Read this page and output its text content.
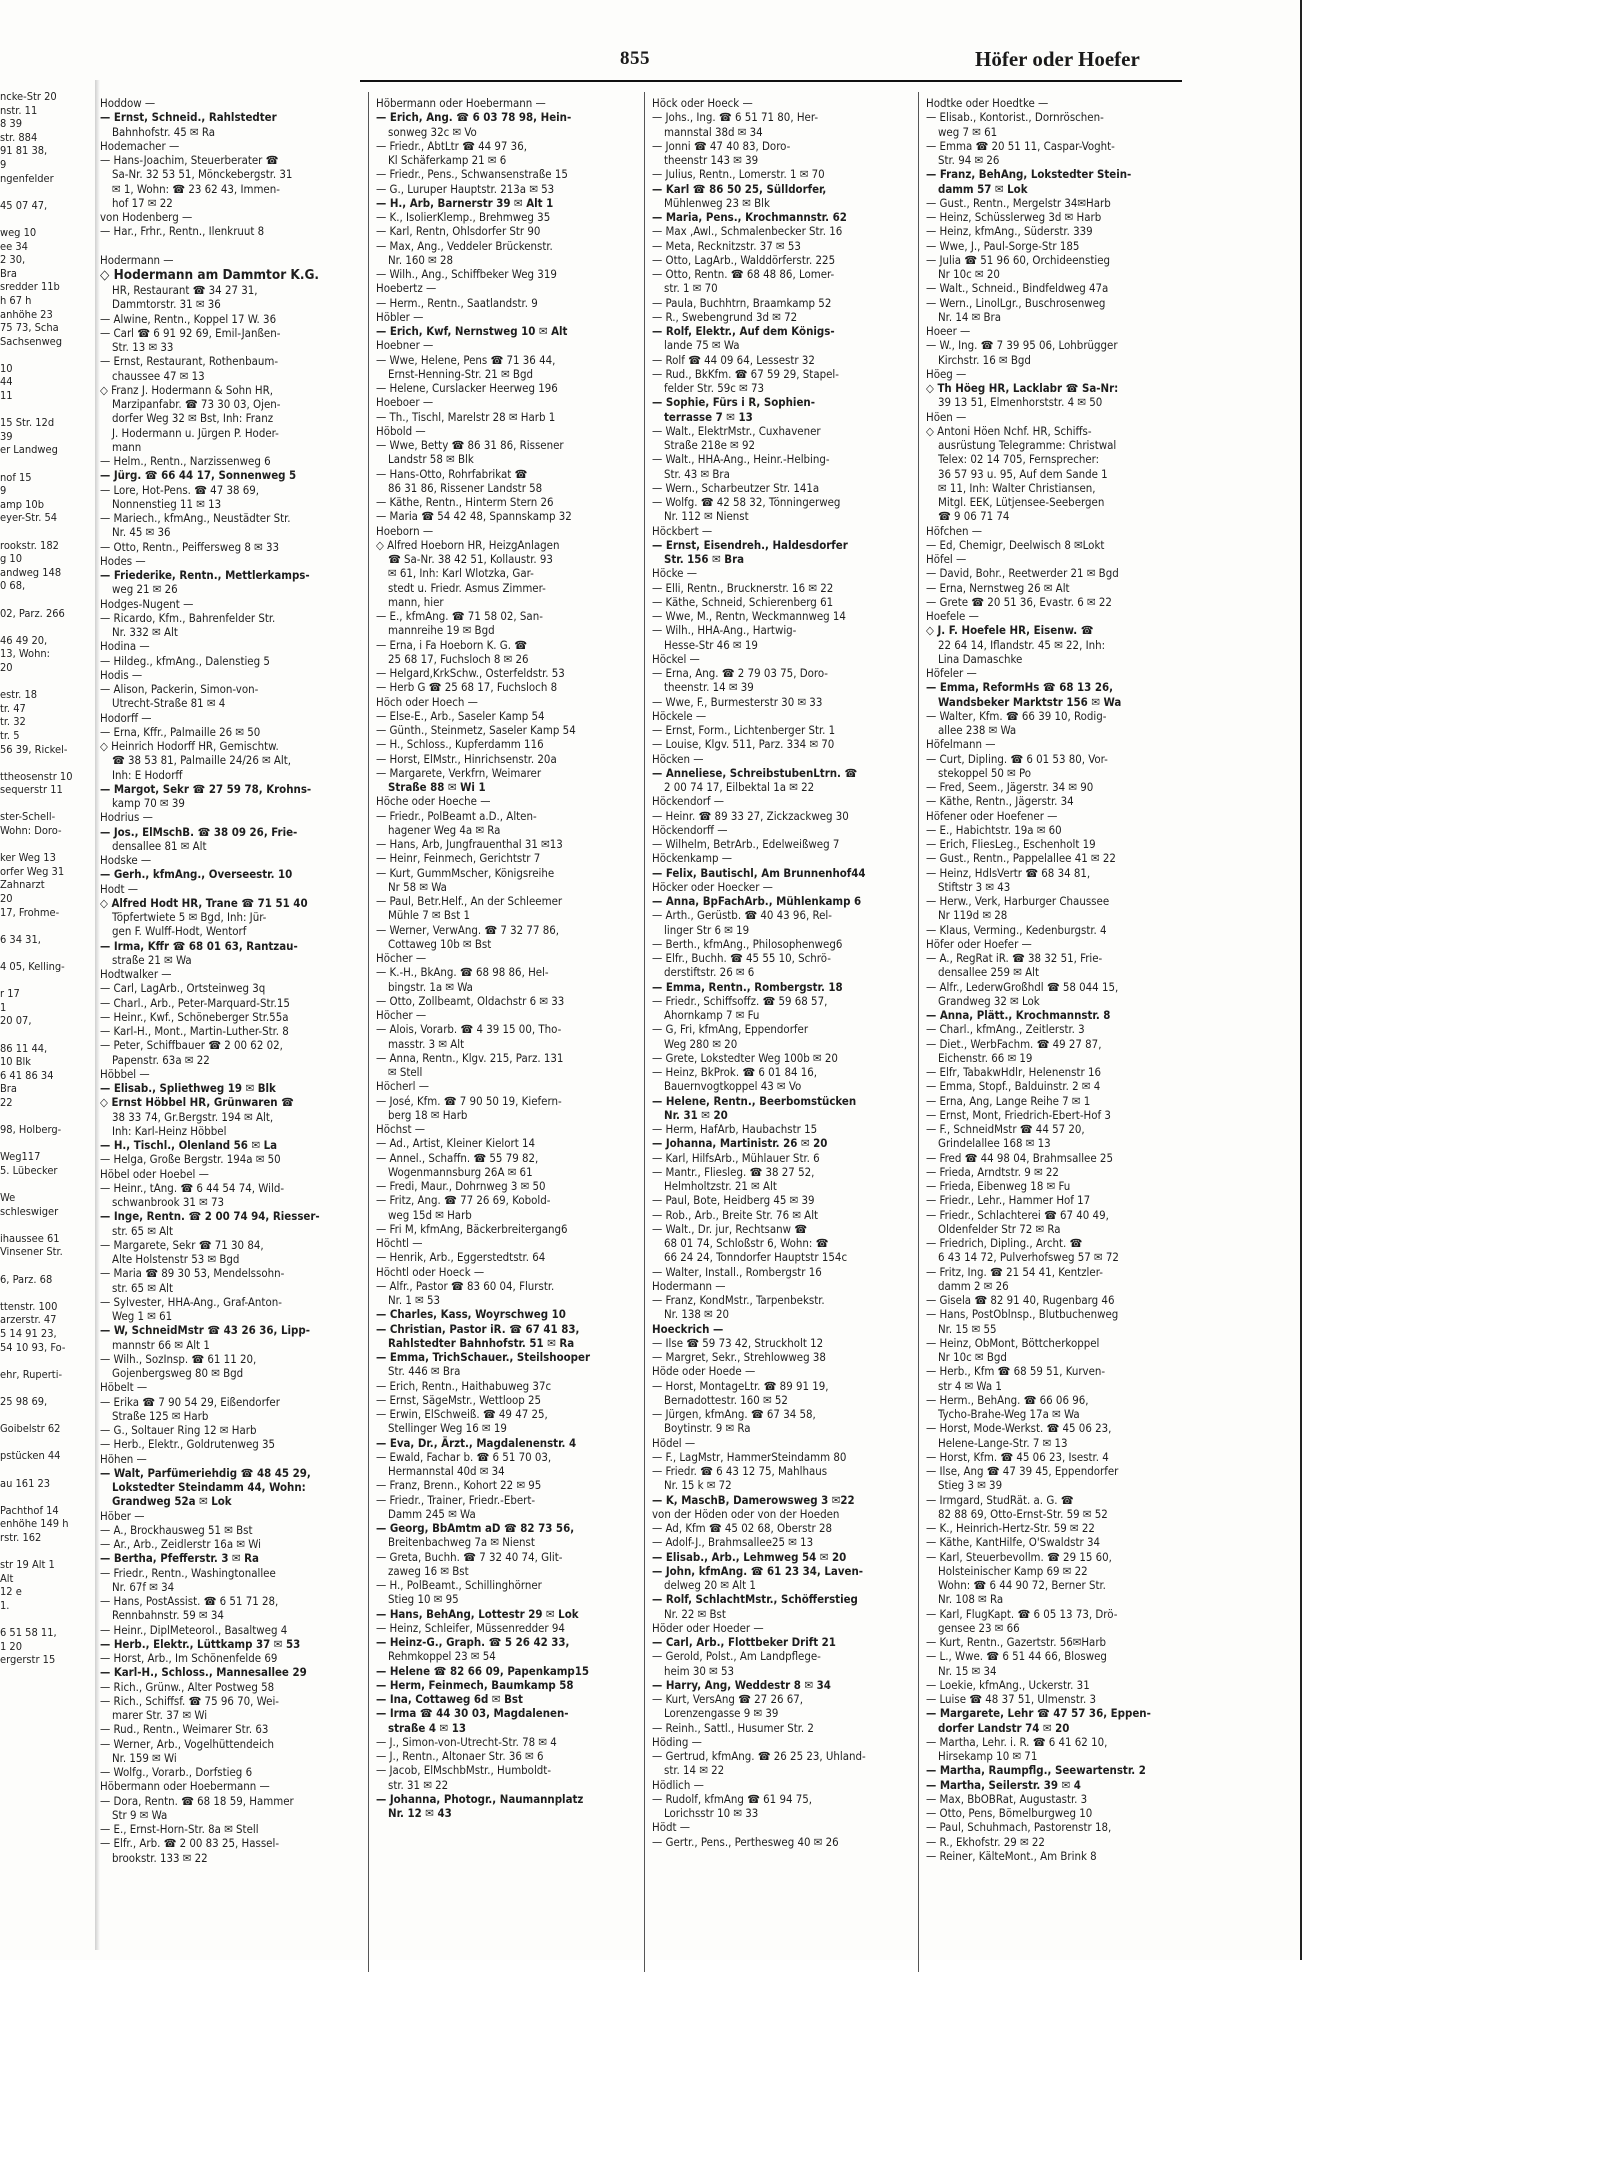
ncke-Str 20
nstr. 11
8 39
str. 884
91 81 38,
9
ngenfelder

45 07 47,

weg 10
ee 34
2 30,
Bra
sredder 11b
h 67 h
anhöhe 23
75 73, Scha
Sachsenweg

10
44
11

15 Str. 12d
39
er Landweg

nof 15
9
amp 10b
eyer-Str. 54

rookstr. 182
g 10
andweg 148
0 68,

02, Parz. 266

46 49 20,
13, Wohn:
20

estr. 18
tr. 47
tr. 32
tr. 5
56 39, Rickel-

ttheosenstr 10
sequerstr 11

ster-Schell-
Wohn: Doro-

ker Weg 13
orfer Weg 31
Zahnarzt
20
17, Frohme-

6 34 31,

4 05, Kelling-

r 17
1
20 07,

86 11 44,
10 Blk
6 41 86 34
Bra
22

98, Holberg-

Weg117
5. Lübecker

We
schleswiger

ihaussee 61
Vinsener Str.

6, Parz. 68

ttenstr. 100
arzerstr. 47
5 14 91 23,
54 10 93, Fo-

ehr, Ruperti-

25 98 69,

Goibelstr 62

pstücken 44

au 161 23

Pachthof 14
enhöhe 149 h
rstr. 162

str 19 Alt 1
Alt
12 e
1.

6 51 58 11,
1 20
ergerstr 15
855	Höfer oder Hoefer
Hoddow —
— Ernst, Schneid., Rahlstedter
Bahnhofstr. 45 ✉ Ra
Hodemacher —
— Hans-Joachim, Steuerberater ☎
Sa-Nr. 32 53 51, Mönckebergstr. 31
✉ 1, Wohn: ☎ 23 62 43, Immen-
hof 17 ✉ 22
von Hodenberg —
— Har., Frhr., Rentn., Ilenkruut 8

Hodermann —
◇ Hodermann am Dammtor K.G.
HR, Restaurant ☎ 34 27 31,
Dammtorstr. 31 ✉ 36
— Alwine, Rentn., Koppel 17 W. 36
— Carl ☎ 6 91 92 69, Emil-Janßen-
Str. 13 ✉ 33
— Ernst, Restaurant, Rothenbaum-
chaussee 47 ✉ 13
◇ Franz J. Hodermann & Sohn HR,
Marzipanfabr. ☎ 73 30 03, Ojen-
dorfer Weg 32 ✉ Bst, Inh: Franz
J. Hodermann u. Jürgen P. Hoder-
mann
— Helm., Rentn., Narzissenweg 6
— Jürg. ☎ 66 44 17, Sonnenweg 5
— Lore, Hot-Pens. ☎ 47 38 69,
Nonnenstieg 11 ✉ 13
— Mariech., kfmAng., Neustädter Str.
Nr. 45 ✉ 36
— Otto, Rentn., Peiffersweg 8 ✉ 33
Hodes —
— Friederike, Rentn., Mettlerkamps-
weg 21 ✉ 26
Hodges-Nugent —
— Ricardo, Kfm., Bahrenfelder Str.
Nr. 332 ✉ Alt
Hodina —
— Hildeg., kfmAng., Dalenstieg 5
Hodis —
— Alison, Packerin, Simon-von-
Utrecht-Straße 81 ✉ 4
Hodorff —
— Erna, Kffr., Palmaille 26 ✉ 50
◇ Heinrich Hodorff HR, Gemischtw.
☎ 38 53 81, Palmaille 24/26 ✉ Alt,
Inh: E Hodorff
— Margot, Sekr ☎ 27 59 78, Krohns-
kamp 70 ✉ 39
Hodrius —
— Jos., ElMschB. ☎ 38 09 26, Frie-
densallee 81 ✉ Alt
Hodske —
— Gerh., kfmAng., Overseestr. 10
Hodt —
◇ Alfred Hodt HR, Trane ☎ 71 51 40
Töpfertwiete 5 ✉ Bgd, Inh: Jür-
gen F. Wulff-Hodt, Wentorf
— Irma, Kffr ☎ 68 01 63, Rantzau-
straße 21 ✉ Wa
Hodtwalker —
— Carl, LagArb., Ortsteinweg 3q
— Charl., Arb., Peter-Marquard-Str.15
— Heinr., Kwf., Schöneberger Str.55a
— Karl-H., Mont., Martin-Luther-Str. 8
— Peter, Schiffbauer ☎ 2 00 62 02,
Papenstr. 63a ✉ 22
Höbbel —
— Elisab., Spliethweg 19 ✉ Blk
◇ Ernst Höbbel HR, Grünwaren ☎
38 33 74, Gr.Bergstr. 194 ✉ Alt,
Inh: Karl-Heinz Höbbel
— H., Tischl., Olenland 56 ✉ La
— Helga, Große Bergstr. 194a ✉ 50
Höbel oder Hoebel —
— Heinr., tAng. ☎ 6 44 54 74, Wild-
schwanbrook 31 ✉ 73
— Inge, Rentn. ☎ 2 00 74 94, Riesser-
str. 65 ✉ Alt
— Margarete, Sekr ☎ 71 30 84,
Alte Holstenstr 53 ✉ Bgd
— Maria ☎ 89 30 53, Mendelssohn-
str. 65 ✉ Alt
— Sylvester, HHA-Ang., Graf-Anton-
Weg 1 ✉ 61
— W, SchneidMstr ☎ 43 26 36, Lipp-
mannstr 66 ✉ Alt 1
— Wilh., SozInsp. ☎ 61 11 20,
Gojenbergsweg 80 ✉ Bgd
Höbelt —
— Erika ☎ 7 90 54 29, Eißendorfer
Straße 125 ✉ Harb
— G., Soltauer Ring 12 ✉ Harb
— Herb., Elektr., Goldrutenweg 35
Höhen —
— Walt, Parfümeriehdig ☎ 48 45 29,
Lokstedter Steindamm 44, Wohn:
Grandweg 52a ✉ Lok
Höber —
— A., Brockhausweg 51 ✉ Bst
— Ar., Arb., Zeidlerstr 16a ✉ Wi
— Bertha, Pfefferstr. 3 ✉ Ra
— Friedr., Rentn., Washingtonallee
Nr. 67f ✉ 34
— Hans, PostAssist. ☎ 6 51 71 28,
Rennbahnstr. 59 ✉ 34
— Heinr., DiplMeteorol., Basaltweg 4
— Herb., Elektr., Lüttkamp 37 ✉ 53
— Horst, Arb., Im Schönenfelde 69
— Karl-H., Schloss., Mannesallee 29
— Rich., Grünw., Alter Postweg 58
— Rich., Schiffsf. ☎ 75 96 70, Wei-
marer Str. 37 ✉ Wi
— Rud., Rentn., Weimarer Str. 63
— Werner, Arb., Vogelhüttendeich
Nr. 159 ✉ Wi
— Wolfg., Vorarb., Dorfstieg 6
Höbermann oder Hoebermann —
— Dora, Rentn. ☎ 68 18 59, Hammer
Str 9 ✉ Wa
— E., Ernst-Horn-Str. 8a ✉ Stell
— Elfr., Arb. ☎ 2 00 83 25, Hassel-
brookstr. 133 ✉ 22
Höbermann oder Hoebermann —
— Erich, Ang. ☎ 6 03 78 98, Hein-
sonweg 32c ✉ Vo
— Friedr., AbtLtr ☎ 44 97 36,
Kl Schäferkamp 21 ✉ 6
— Friedr., Pens., Schwansenstraße 15
— G., Luruper Hauptstr. 213a ✉ 53
— H., Arb, Barnerstr 39 ✉ Alt 1
— K., IsolierKlemp., Brehmweg 35
— Karl, Rentn, Ohlsdorfer Str 90
— Max, Ang., Veddeler Brückenstr.
Nr. 160 ✉ 28
— Wilh., Ang., Schiffbeker Weg 319
Hoebertz —
— Herm., Rentn., Saatlandstr. 9
Höbler —
— Erich, Kwf, Nernstweg 10 ✉ Alt
Hoebner —
— Wwe, Helene, Pens ☎ 71 36 44,
Ernst-Henning-Str. 21 ✉ Bgd
— Helene, Curslacker Heerweg 196
Hoeboer —
— Th., Tischl, Marelstr 28 ✉ Harb 1
Höbold —
— Wwe, Betty ☎ 86 31 86, Rissener
Landstr 58 ✉ Blk
— Hans-Otto, Rohrfabrikat ☎
86 31 86, Rissener Landstr 58
— Käthe, Rentn., Hinterm Stern 26
— Maria ☎ 54 42 48, Spannskamp 32
Hoeborn —
◇ Alfred Hoeborn HR, HeizgAnlagen
☎ Sa-Nr. 38 42 51, Kollaustr. 93
✉ 61, Inh: Karl Wlotzka, Gar-
stedt u. Friedr. Asmus Zimmer-
mann, hier
— E., kfmAng. ☎ 71 58 02, San-
mannreihe 19 ✉ Bgd
— Erna, i Fa Hoeborn K. G. ☎
25 68 17, Fuchsloch 8 ✉ 26
— Helgard,KrkSchw., Osterfeldstr. 53
— Herb G ☎ 25 68 17, Fuchsloch 8
Höch oder Hoech —
— Else-E., Arb., Saseler Kamp 54
— Günth., Steinmetz, Saseler Kamp 54
— H., Schloss., Kupferdamm 116
— Horst, ElMstr., Hinrichsenstr. 20a
— Margarete, Verkfrn, Weimarer
Straße 88 ✉ Wi 1
Höche oder Hoeche —
— Friedr., PolBeamt a.D., Alten-
hagener Weg 4a ✉ Ra
— Hans, Arb, Jungfrauenthal 31 ✉13
— Heinr, Feinmech, Gerichtstr 7
— Kurt, GummMscher, Königsreihe
Nr 58 ✉ Wa
— Paul, Betr.Helf., An der Schleemer
Mühle 7 ✉ Bst 1
— Werner, VerwAng. ☎ 7 32 77 86,
Cottaweg 10b ✉ Bst
Höcher —
— K.-H., BkAng. ☎ 68 98 86, Hel-
bingstr. 1a ✉ Wa
— Otto, Zollbeamt, Oldachstr 6 ✉ 33
Höcher —
— Alois, Vorarb. ☎ 4 39 15 00, Tho-
masstr. 3 ✉ Alt
— Anna, Rentn., Klgv. 215, Parz. 131
✉ Stell
Höcherl —
— José, Kfm. ☎ 7 90 50 19, Kiefern-
berg 18 ✉ Harb
Höchst —
— Ad., Artist, Kleiner Kielort 14
— Annel., Schaffn. ☎ 55 79 82,
Wogenmannsburg 26A ✉ 61
— Fredi, Maur., Dohrnweg 3 ✉ 50
— Fritz, Ang. ☎ 77 26 69, Kobold-
weg 15d ✉ Harb
— Fri M, kfmAng, Bäckerbreitergang6
Höchtl —
— Henrik, Arb., Eggerstedtstr. 64
Höchtl oder Hoeck —
— Alfr., Pastor ☎ 83 60 04, Flurstr.
Nr. 1 ✉ 53
— Charles, Kass, Woyrschweg 10
— Christian, Pastor iR. ☎ 67 41 83,
Rahlstedter Bahnhofstr. 51 ✉ Ra
— Emma, TrichSchauer., Steilshooper
Str. 446 ✉ Bra
— Erich, Rentn., Haithabuweg 37c
— Ernst, SägeMstr., Wettloop 25
— Erwin, ElSchweiß. ☎ 49 47 25,
Stellinger Weg 16 ✉ 19
— Eva, Dr., Ärzt., Magdalenenstr. 4
— Ewald, Fachar b. ☎ 6 51 70 03,
Hermannstal 40d ✉ 34
— Franz, Brenn., Kohort 22 ✉ 95
— Friedr., Trainer, Friedr.-Ebert-
Damm 245 ✉ Wa
— Georg, BbAmtm aD ☎ 82 73 56,
Breitenbachweg 7a ✉ Nienst
— Greta, Buchh. ☎ 7 32 40 74, Glit-
zaweg 16 ✉ Bst
— H., PolBeamt., Schillinghörner
Stieg 10 ✉ 95
— Hans, BehAng, Lottestr 29 ✉ Lok
— Heinz, Schleifer, Müssenredder 94
— Heinz-G., Graph. ☎ 5 26 42 33,
Rehmkoppel 23 ✉ 54
— Helene ☎ 82 66 09, Papenkamp15
— Herm, Feinmech, Baumkamp 58
— Ina, Cottaweg 6d ✉ Bst
— Irma ☎ 44 30 03, Magdalenen-
straße 4 ✉ 13
— J., Simon-von-Utrecht-Str. 78 ✉ 4
— J., Rentn., Altonaer Str. 36 ✉ 6
— Jacob, ElMschbMstr., Humboldt-
str. 31 ✉ 22
— Johanna, Photogr., Naumannplatz
Nr. 12 ✉ 43
Höck oder Hoeck —
— Johs., Ing. ☎ 6 51 71 80, Her-
mannstal 38d ✉ 34
— Jonni ☎ 47 40 83, Doro-
theenstr 143 ✉ 39
— Julius, Rentn., Lomerstr. 1 ✉ 70
— Karl ☎ 86 50 25, Sülldorfer,
Mühlenweg 23 ✉ Blk
— Maria, Pens., Krochmannstr. 62
— Max ,Awl., Schmalenbecker Str. 16
— Meta, Recknitzstr. 37 ✉ 53
— Otto, LagArb., Walddörferstr. 225
— Otto, Rentn. ☎ 68 48 86, Lomer-
str. 1 ✉ 70
— Paula, Buchhtrn, Braamkamp 52
— R., Swebengrund 3d ✉ 72
— Rolf, Elektr., Auf dem Königs-
lande 75 ✉ Wa
— Rolf ☎ 44 09 64, Lessestr 32
— Rud., BkKfm. ☎ 67 59 29, Stapel-
felder Str. 59c ✉ 73
— Sophie, Fürs i R, Sophien-
terrasse 7 ✉ 13
— Walt., ElektrMstr., Cuxhavener
Straße 218e ✉ 92
— Walt., HHA-Ang., Heinr.-Helbing-
Str. 43 ✉ Bra
— Wern., Scharbeutzer Str. 141a
— Wolfg. ☎ 42 58 32, Tönningerweg
Nr. 112 ✉ Nienst
Höckbert —
— Ernst, Eisendreh., Haldesdorfer
Str. 156 ✉ Bra
Höcke —
— Elli, Rentn., Brucknerstr. 16 ✉ 22
— Käthe, Schneid, Schierenberg 61
— Wwe, M., Rentn, Weckmannweg 14
— Wilh., HHA-Ang., Hartwig-
Hesse-Str 46 ✉ 19
Höckel —
— Erna, Ang. ☎ 2 79 03 75, Doro-
theenstr. 14 ✉ 39
— Wwe, F., Burmesterstr 30 ✉ 33
Höckele —
— Ernst, Form., Lichtenberger Str. 1
— Louise, Klgv. 511, Parz. 334 ✉ 70
Höcken —
— Anneliese, SchreibstubenLtrn. ☎
2 00 74 17, Eilbektal 1a ✉ 22
Höckendorf —
— Heinr. ☎ 89 33 27, Zickzackweg 30
Höckendorff —
— Wilhelm, BetrArb., Edelweißweg 7
Höckenkamp —
— Felix, Bautischl, Am Brunnenhof44
Höcker oder Hoecker —
— Anna, BpFachArb., Mühlenkamp 6
— Arth., Gerüstb. ☎ 40 43 96, Rel-
linger Str 6 ✉ 19
— Berth., kfmAng., Philosophenweg6
— Elfr., Buchh. ☎ 45 55 10, Schrö-
derstiftstr. 26 ✉ 6
— Emma, Rentn., Rombergstr. 18
— Friedr., Schiffsoffz. ☎ 59 68 57,
Ahornkamp 7 ✉ Fu
— G, Fri, kfmAng, Eppendorfer
Weg 280 ✉ 20
— Grete, Lokstedter Weg 100b ✉ 20
— Heinz, BkProk. ☎ 6 01 84 16,
Bauernvogtkoppel 43 ✉ Vo
— Helene, Rentn., Beerbomstücken
Nr. 31 ✉ 20
— Herm, HafArb, Haubachstr 15
— Johanna, Martinistr. 26 ✉ 20
— Karl, HilfsArb., Mühlauer Str. 6
— Mantr., Fliesleg. ☎ 38 27 52,
Helmholtzstr. 21 ✉ Alt
— Paul, Bote, Heidberg 45 ✉ 39
— Rob., Arb., Breite Str. 76 ✉ Alt
— Walt., Dr. jur, Rechtsanw ☎
68 01 74, Schloßstr 6, Wohn: ☎
66 24 24, Tonndorfer Hauptstr 154c
— Walter, Install., Rombergstr 16
Hodermann —
— Franz, KondMstr., Tarpenbekstr.
Nr. 138 ✉ 20
Hoeckrich —
— Ilse ☎ 59 73 42, Struckholt 12
— Margret, Sekr., Strehlowweg 38
Höde oder Hoede —
— Horst, MontageLtr. ☎ 89 91 19,
Bernadottestr. 160 ✉ 52
— Jürgen, kfmAng. ☎ 67 34 58,
Boytinstr. 9 ✉ Ra
Hödel —
— F., LagMstr, HammerSteindamm 80
— Friedr. ☎ 6 43 12 75, Mahlhaus
Nr. 15 k ✉ 72
— K, MaschB, Damerowsweg 3 ✉22
von der Höden oder von der Hoeden
— Ad, Kfm ☎ 45 02 68, Oberstr 28
— Adolf-J., Brahmsallee25 ✉ 13
— Elisab., Arb., Lehmweg 54 ✉ 20
— John, kfmAng. ☎ 61 23 34, Laven-
delweg 20 ✉ Alt 1
— Rolf, SchlachtMstr., Schöfferstieg
Nr. 22 ✉ Bst
Höder oder Hoeder —
— Carl, Arb., Flottbeker Drift 21
— Gerold, Polst., Am Landpflege-
heim 30 ✉ 53
— Harry, Ang, Weddestr 8 ✉ 34
— Kurt, VersAng ☎ 27 26 67,
Lorenzengasse 9 ✉ 39
— Reinh., Sattl., Husumer Str. 2
Höding —
— Gertrud, kfmAng. ☎ 26 25 23, Uhland-
str. 14 ✉ 22
Hödlich —
— Rudolf, kfmAng ☎ 61 94 75,
Lorichsstr 10 ✉ 33
Hödt —
— Gertr., Pens., Perthesweg 40 ✉ 26
Hodtke oder Hoedtke —
— Elisab., Kontorist., Dornröschen-
weg 7 ✉ 61
— Emma ☎ 20 51 11, Caspar-Voght-
Str. 94 ✉ 26
— Franz, BehAng, Lokstedter Stein-
damm 57 ✉ Lok
— Gust., Rentn., Mergelstr 34✉Harb
— Heinz, Schüsslerweg 3d ✉ Harb
— Heinz, kfmAng., Süderstr. 339
— Wwe, J., Paul-Sorge-Str 185
— Julia ☎ 51 96 60, Orchideenstieg
Nr 10c ✉ 20
— Walt., Schneid., Bindfeldweg 47a
— Wern., LinolLgr., Buschrosenweg
Nr. 14 ✉ Bra
Hoeer —
— W., Ing. ☎ 7 39 95 06, Lohbrügger
Kirchstr. 16 ✉ Bgd
Höeg —
◇ Th Höeg HR, Lacklabr ☎ Sa-Nr:
39 13 51, Elmenhorststr. 4 ✉ 50
Höen —
◇ Antoni Höen Nchf. HR, Schiffs-
ausrüstung Telegramme: Christwal
Telex: 02 14 705, Fernsprecher:
36 57 93 u. 95, Auf dem Sande 1
✉ 11, Inh: Walter Christiansen,
Mitgl. EEK, Lütjensee-Seebergen
☎ 9 06 71 74
Höfchen —
— Ed, Chemigr, Deelwisch 8 ✉Lokt
Höfel —
— David, Bohr., Reetwerder 21 ✉ Bgd
— Erna, Nernstweg 26 ✉ Alt
— Grete ☎ 20 51 36, Evastr. 6 ✉ 22
Hoefele —
◇ J. F. Hoefele HR, Eisenw. ☎
22 64 14, Iflandstr. 45 ✉ 22, Inh:
Lina Damaschke
Höfeler —
— Emma, ReformHs ☎ 68 13 26,
Wandsbeker Marktstr 156 ✉ Wa
— Walter, Kfm. ☎ 66 39 10, Rodig-
allee 238 ✉ Wa
Höfelmann —
— Curt, Dipling. ☎ 6 01 53 80, Vor-
stekoppel 50 ✉ Po
— Fred, Seem., Jägerstr. 34 ✉ 90
— Käthe, Rentn., Jägerstr. 34
Höfener oder Hoefener —
— E., Habichtstr. 19a ✉ 60
— Erich, FliesLeg., Eschenholt 19
— Gust., Rentn., Pappelallee 41 ✉ 22
— Heinz, HdlsVertr ☎ 68 34 81,
Stiftstr 3 ✉ 43
— Herw., Verk, Harburger Chaussee
Nr 119d ✉ 28
— Klaus, Verming., Kedenburgstr. 4
Höfer oder Hoefer —
— A., RegRat iR. ☎ 38 32 51, Frie-
densallee 259 ✉ Alt
— Alfr., LederwGroßhdl ☎ 58 044 15,
Grandweg 32 ✉ Lok
— Anna, Plätt., Krochmannstr. 8
— Charl., kfmAng., Zeitlerstr. 3
— Diet., WerbFachm. ☎ 49 27 87,
Eichenstr. 66 ✉ 19
— Elfr, TabakwHdlr, Helenenstr 16
— Emma, Stopf., Balduinstr. 2 ✉ 4
— Erna, Ang, Lange Reihe 7 ✉ 1
— Ernst, Mont, Friedrich-Ebert-Hof 3
— F., SchneidMstr ☎ 44 57 20,
Grindelallee 168 ✉ 13
— Fred ☎ 44 98 04, Brahmsallee 25
— Frieda, Arndtstr. 9 ✉ 22
— Frieda, Eibenweg 18 ✉ Fu
— Friedr., Lehr., Hammer Hof 17
— Friedr., Schlachterei ☎ 67 40 49,
Oldenfelder Str 72 ✉ Ra
— Friedrich, Dipling., Archt. ☎
6 43 14 72, Pulverhofsweg 57 ✉ 72
— Fritz, Ing. ☎ 21 54 41, Kentzler-
damm 2 ✉ 26
— Gisela ☎ 82 91 40, Rugenbarg 46
— Hans, PostOblnsp., Blutbuchenweg
Nr. 15 ✉ 55
— Heinz, ObMont, Böttcherkoppel
Nr 10c ✉ Bgd
— Herb., Kfm ☎ 68 59 51, Kurven-
str 4 ✉ Wa 1
— Herm., BehAng. ☎ 66 06 96,
Tycho-Brahe-Weg 17a ✉ Wa
— Horst, Mode-Werkst. ☎ 45 06 23,
Helene-Lange-Str. 7 ✉ 13
— Horst, Kfm. ☎ 45 06 23, Isestr. 4
— Ilse, Ang ☎ 47 39 45, Eppendorfer
Stieg 3 ✉ 39
— Irmgard, StudRät. a. G. ☎
82 88 69, Otto-Ernst-Str. 59 ✉ 52
— K., Heinrich-Hertz-Str. 59 ✉ 22
— Käthe, KantHilfe, O'Swaldstr 34
— Karl, Steuerbevollm. ☎ 29 15 60,
Holsteinischer Kamp 69 ✉ 22
Wohn: ☎ 6 44 90 72, Berner Str.
Nr. 108 ✉ Ra
— Karl, FlugKapt. ☎ 6 05 13 73, Drö-
gensee 23 ✉ 66
— Kurt, Rentn., Gazertstr. 56✉Harb
— L., Wwe. ☎ 6 51 44 66, Blosweg
Nr. 15 ✉ 34
— Loekie, kfmAng., Uckerstr. 31
— Luise ☎ 48 37 51, Ulmenstr. 3
— Margarete, Lehr ☎ 47 57 36, Eppen-
dorfer Landstr 74 ✉ 20
— Martha, Lehr. i. R. ☎ 6 41 62 10,
Hirsekamp 10 ✉ 71
— Martha, Raumpflg., Seewartenstr. 2
— Martha, Seilerstr. 39 ✉ 4
— Max, BbOBRat, Augustastr. 3
— Otto, Pens, Bömelburgweg 10
— Paul, Schuhmach, Pastorenstr 18,
— R., Ekhofstr. 29 ✉ 22
— Reiner, KälteMont., Am Brink 8
